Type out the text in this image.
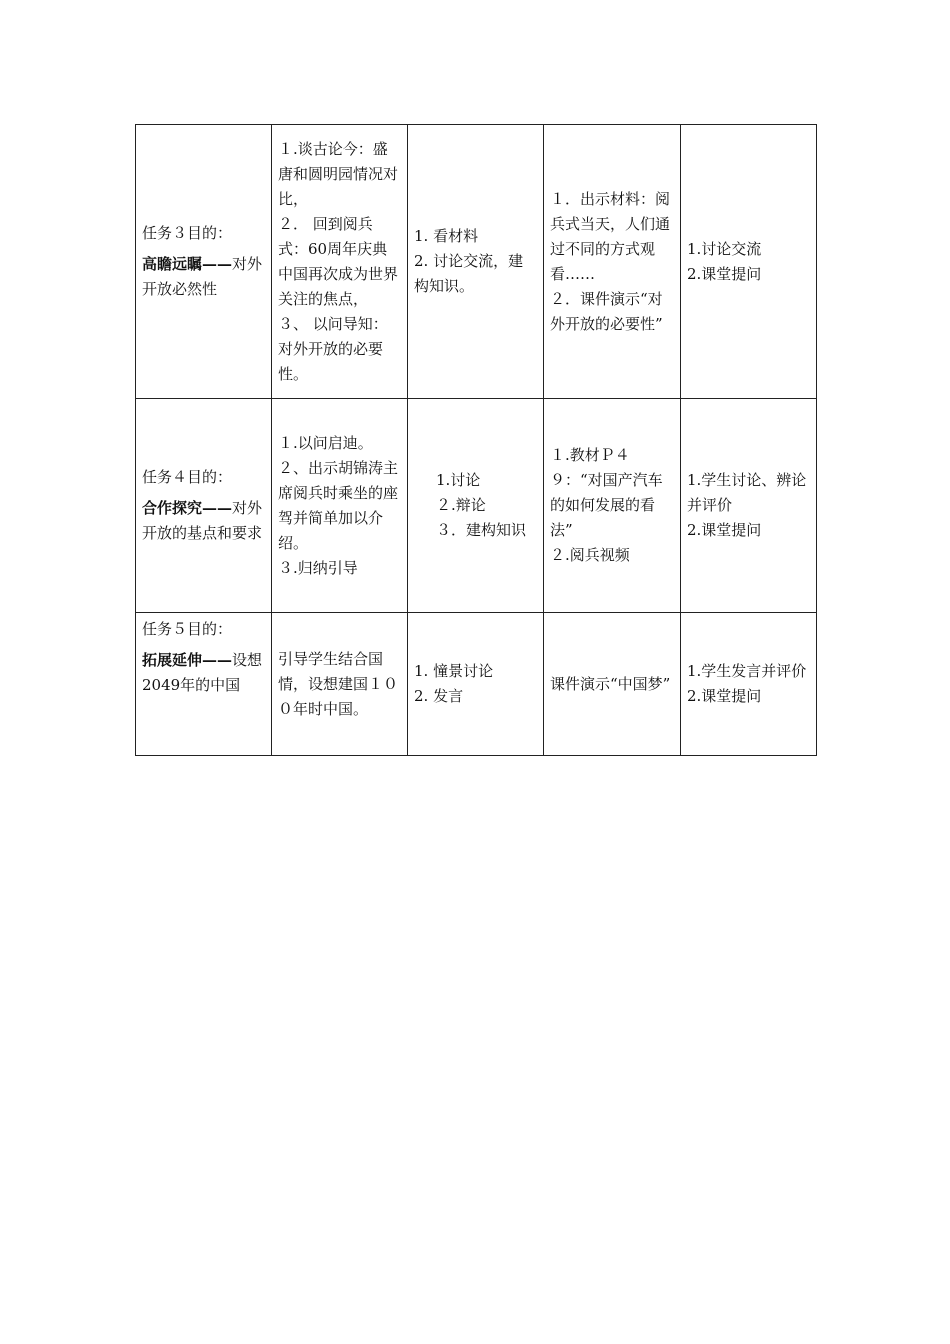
任务３目的：
高瞻远瞩——对外开放必然性	１.谈古论今：盛唐和圆明园情况对比，
２． 回到阅兵式：60周年庆典中国再次成为世界关注的焦点，
３、 以问导知：
对外开放的必要性。	1. 看材料
2. 讨论交流，建构知识。	１．出示材料：阅兵式当天，人们通过不同的方式观看……
２．课件演示“对外开放的必要性”	1.讨论交流
2.课堂提问

任务４目的：
合作探究——对外开放的基点和要求	１.以问启迪。
２、出示胡锦涛主席阅兵时乘坐的座驾并简单加以介绍。
３.归纳引导	1.讨论
２.辩论
３．建构知识	１.教材Ｐ４９：“对国产汽车的如何发展的看法”
２.阅兵视频	1.学生讨论、辨论并评价
2.课堂提问

任务５目的：
拓展延伸——设想2049年的中国	引导学生结合国情，设想建国１００年时中国。	1. 憧景讨论
2. 发言	课件演示“中国梦”	1.学生发言并评价
2.课堂提问
